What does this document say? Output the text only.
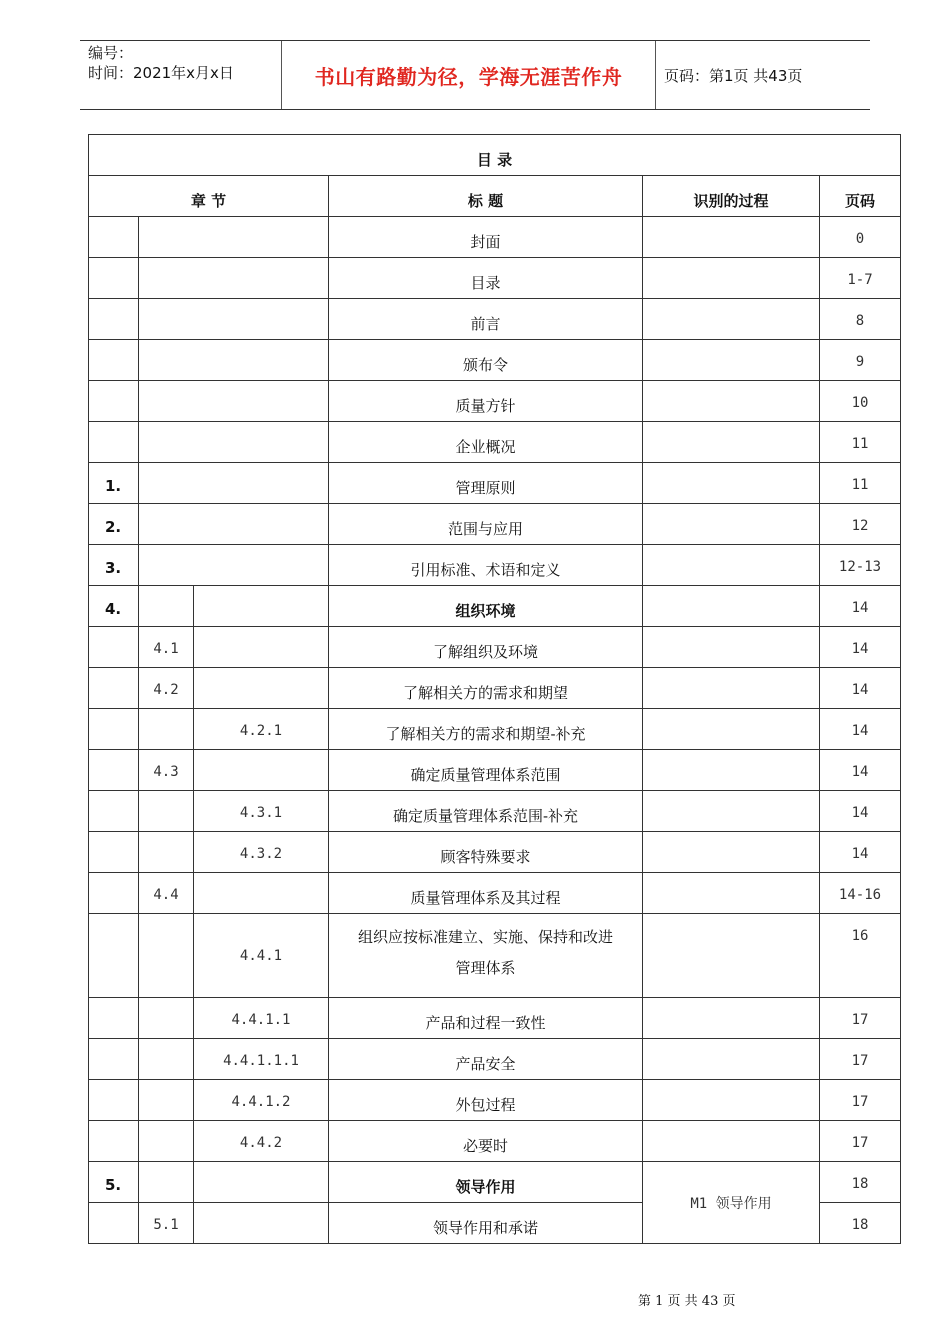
编号：
时间：2021年x月x日	书山有路勤为径，学海无涯苦作舟	页码：第1页 共43页
目 录					
章 节			标 题	识别的过程	页码
			封面		0
			目录		1-7
			前言		8
			颁布令		9
			质量方针		10
			企业概况		11
1.			管理原则		11
2.			范围与应用		12
3.			引用标准、术语和定义		12-13
4.			组织环境		14
	4.1		了解组织及环境		14
	4.2		了解相关方的需求和期望		14
		4.2.1	了解相关方的需求和期望-补充		14
	4.3		确定质量管理体系范围		14
		4.3.1	确定质量管理体系范围-补充		14
		4.3.2	顾客特殊要求		14
	4.4		质量管理体系及其过程		14-16
		4.4.1	组织应按标准建立、实施、保持和改进
管理体系		16
		4.4.1.1	产品和过程一致性		17
		4.4.1.1.1	产品安全		17
		4.4.1.2	外包过程		17
		4.4.2	必要时		17
5.			领导作用	M1 领导作用	18
	5.1		领导作用和承诺		18
第 1 页 共 43 页
